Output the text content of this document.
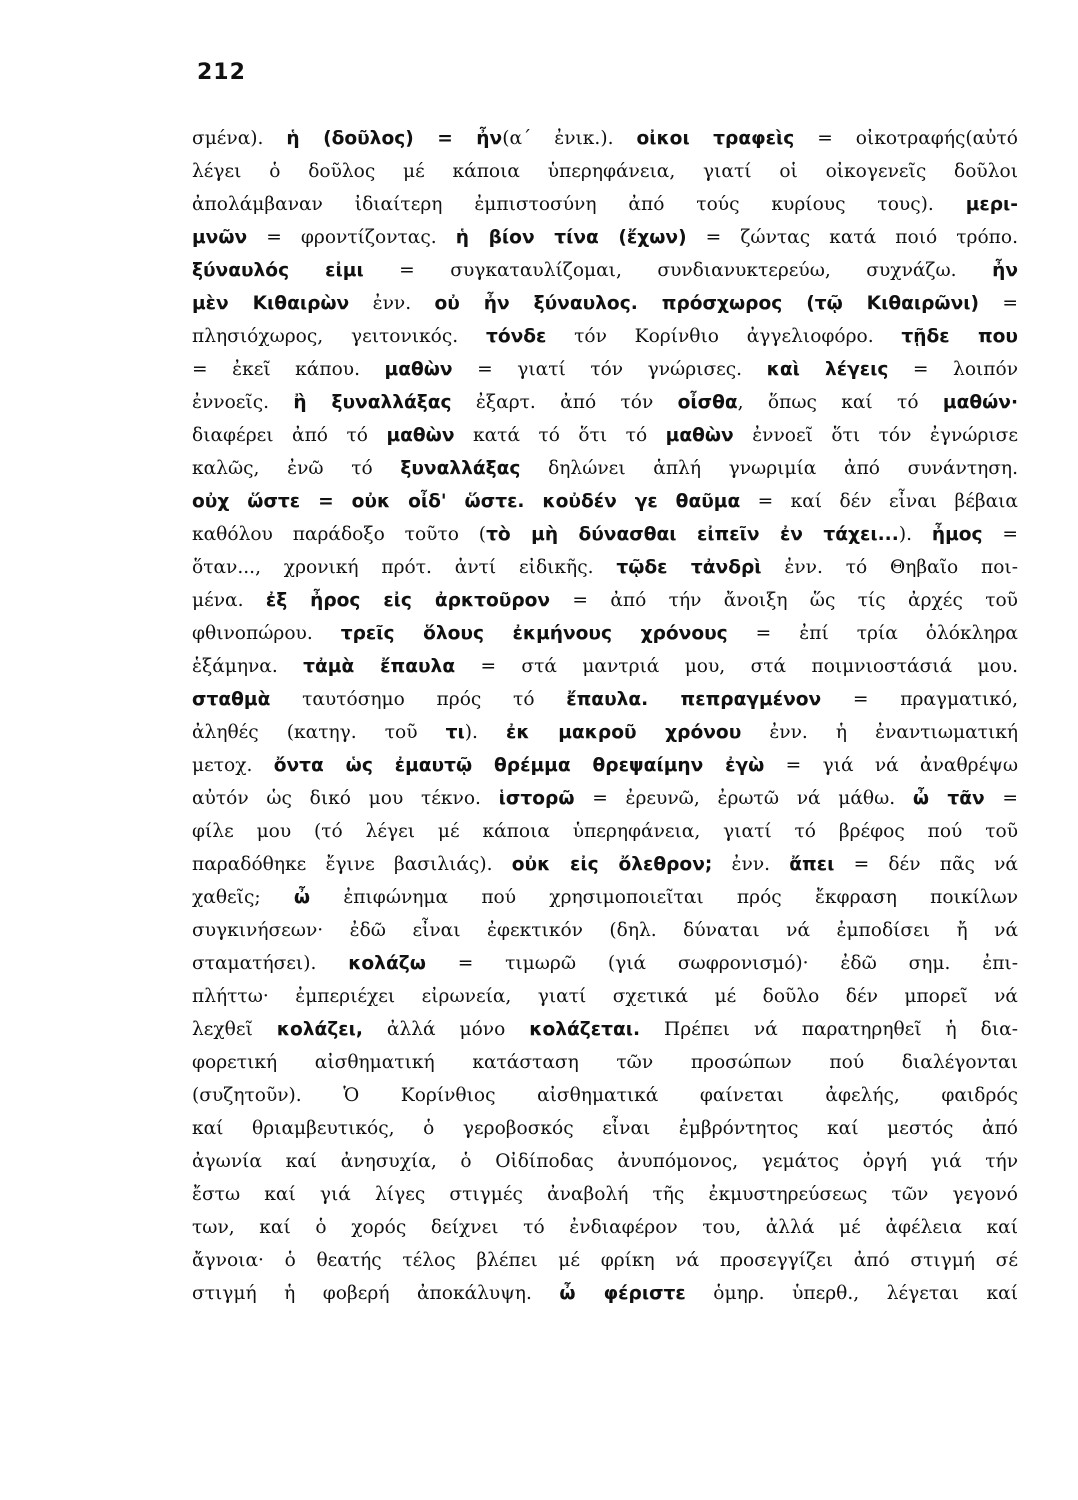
212
σμένα). ἡ (δοῦλος) = ἦν(α΄ ἐνικ.). οἰκοι τραφεὶς = οἰκοτραφής(αὐτό
λέγει ὁ δοῦλος μέ κάποια ὑπερηφάνεια, γιατί οἱ οἰκογενεῖς δοῦλοι
ἀπολάμβαναν ἰδιαίτερη ἐμπιστοσύνη ἀπό τούς κυρίους τους). μερι-
μνῶν = φροντίζοντας. ἡ βίον τίνα (ἔχων) = ζώντας κατά ποιό τρόπο.
ξύναυλός εἰμι = συγκαταυλίζομαι, συνδιανυκτερεύω, συχνάζω. ἦν
μὲν Κιθαιρὼν ἐνν. οὐ ἦν ξύναυλος. πρόσχωρος (τῷ Κιθαιρῶνι) =
πλησιόχωρος, γειτονικός. τόνδε τόν Κορίνθιο ἀγγελιοφόρο. τῇδε που
= ἐκεῖ κάπου. μαθὼν = γιατί τόν γνώρισες. καὶ λέγεις = λοιπόν
ἐννοεῖς. ἢ ξυναλλάξας ἐξαρτ. ἀπό τόν οἶσθα, ὅπως καί τό μαθών·
διαφέρει ἀπό τό μαθὼν κατά τό ὅτι τό μαθὼν ἐννοεῖ ὅτι τόν ἐγνώρισε
καλῶς, ἐνῶ τό ξυναλλάξας δηλώνει ἁπλή γνωριμία ἀπό συνάντηση.
οὐχ ὥστε = οὐκ οἶδ' ὥστε. κοὐδέν γε θαῦμα = καί δέν εἶναι βέβαια
καθόλου παράδοξο τοῦτο (τὸ μὴ δύνασθαι εἰπεῖν ἐν τάχει...). ἦμος =
ὅταν..., χρονική πρότ. ἀντί εἰδικῆς. τῷδε τἀνδρὶ ἐνν. τό Θηβαῖο ποι-
μένα. ἐξ ἦρος εἰς ἀρκτοῦρον = ἀπό τήν ἄνοιξη ὥς τίς ἀρχές τοῦ
φθινοπώρου. τρεῖς ὅλους ἐκμήνους χρόνους = ἐπί τρία ὁλόκληρα
ἑξάμηνα. τἀμὰ ἔπαυλα = στά μαντριά μου, στά ποιμνιοστάσιά μου.
σταθμὰ ταυτόσημο πρός τό ἔπαυλα. πεπραγμένον = πραγματικό,
ἀληθές (κατηγ. τοῦ τι). ἐκ μακροῦ χρόνου ἐνν. ἡ ἐναντιωματική
μετοχ. ὄντα ὡς ἐμαυτῷ θρέμμα θρεψαίμην ἐγὼ = γιά νά ἀναθρέψω
αὐτόν ὡς δικό μου τέκνο. ἱστορῶ = ἐρευνῶ, ἐρωτῶ νά μάθω. ὦ τᾶν =
φίλε μου (τό λέγει μέ κάποια ὑπερηφάνεια, γιατί τό βρέφος πού τοῦ
παραδόθηκε ἔγινε βασιλιάς). οὐκ εἰς ὄλεθρον; ἐνν. ἄπει = δέν πᾶς νά
χαθεῖς; ὦ ἐπιφώνημα πού χρησιμοποιεῖται πρός ἔκφραση ποικίλων
συγκινήσεων· ἐδῶ εἶναι ἐφεκτικόν (δηλ. δύναται νά ἐμποδίσει ἤ νά
σταματήσει). κολάζω = τιμωρῶ (γιά σωφρονισμό)· ἐδῶ σημ. ἐπι-
πλήττω· ἐμπεριέχει εἰρωνεία, γιατί σχετικά μέ δοῦλο δέν μπορεῖ νά
λεχθεῖ κολάζει, ἀλλά μόνο κολάζεται. Πρέπει νά παρατηρηθεῖ ἡ δια-
φορετική αἰσθηματική κατάσταση τῶν προσώπων πού διαλέγονται
(συζητοῦν). Ὁ Κορίνθιος αἰσθηματικά φαίνεται ἀφελής, φαιδρός
καί θριαμβευτικός, ὁ γεροβοσκός εἶναι ἐμβρόντητος καί μεστός ἀπό
ἀγωνία καί ἀνησυχία, ὁ Οἰδίποδας ἀνυπόμονος, γεμάτος ὀργή γιά τήν
ἔστω καί γιά λίγες στιγμές ἀναβολή τῆς ἐκμυστηρεύσεως τῶν γεγονό
των, καί ὁ χορός δείχνει τό ἐνδιαφέρον του, ἀλλά μέ ἀφέλεια καί
ἄγνοια· ὁ θεατής τέλος βλέπει μέ φρίκη νά προσεγγίζει ἀπό στιγμή σέ
στιγμή ἡ φοβερή ἀποκάλυψη. ὦ φέριστε ὁμηρ. ὑπερθ., λέγεται καί
